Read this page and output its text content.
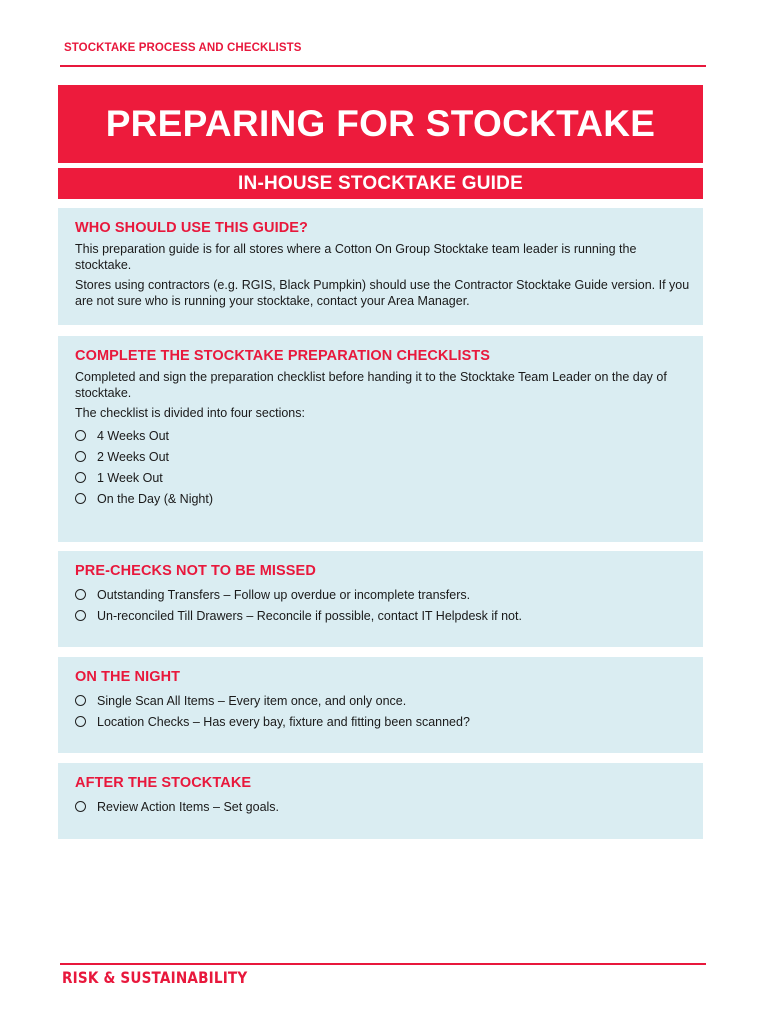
STOCKTAKE PROCESS AND CHECKLISTS
PREPARING FOR STOCKTAKE
IN-HOUSE STOCKTAKE GUIDE
WHO SHOULD USE THIS GUIDE?

This preparation guide is for all stores where a Cotton On Group Stocktake team leader is running the stocktake.

Stores using contractors (e.g. RGIS, Black Pumpkin) should use the Contractor Stocktake Guide version. If you are not sure who is running your stocktake, contact your Area Manager.

COMPLETE THE STOCKTAKE PREPARATION CHECKLISTS

Completed and sign the preparation checklist before handing it to the Stocktake Team Leader on the day of stocktake.

The checklist is divided into four sections:

4 Weeks Out
2 Weeks Out
1 Week Out
On the Day (& Night)
PRE-CHECKS NOT TO BE MISSED
Outstanding Transfers – Follow up overdue or incomplete transfers.
Un-reconciled Till Drawers – Reconcile if possible, contact IT Helpdesk if not.
ON THE NIGHT
Single Scan All Items – Every item once, and only once.
Location Checks – Has every bay, fixture and fitting been scanned?
AFTER THE STOCKTAKE
Review Action Items – Set goals.
RISK & SUSTAINABILITY
